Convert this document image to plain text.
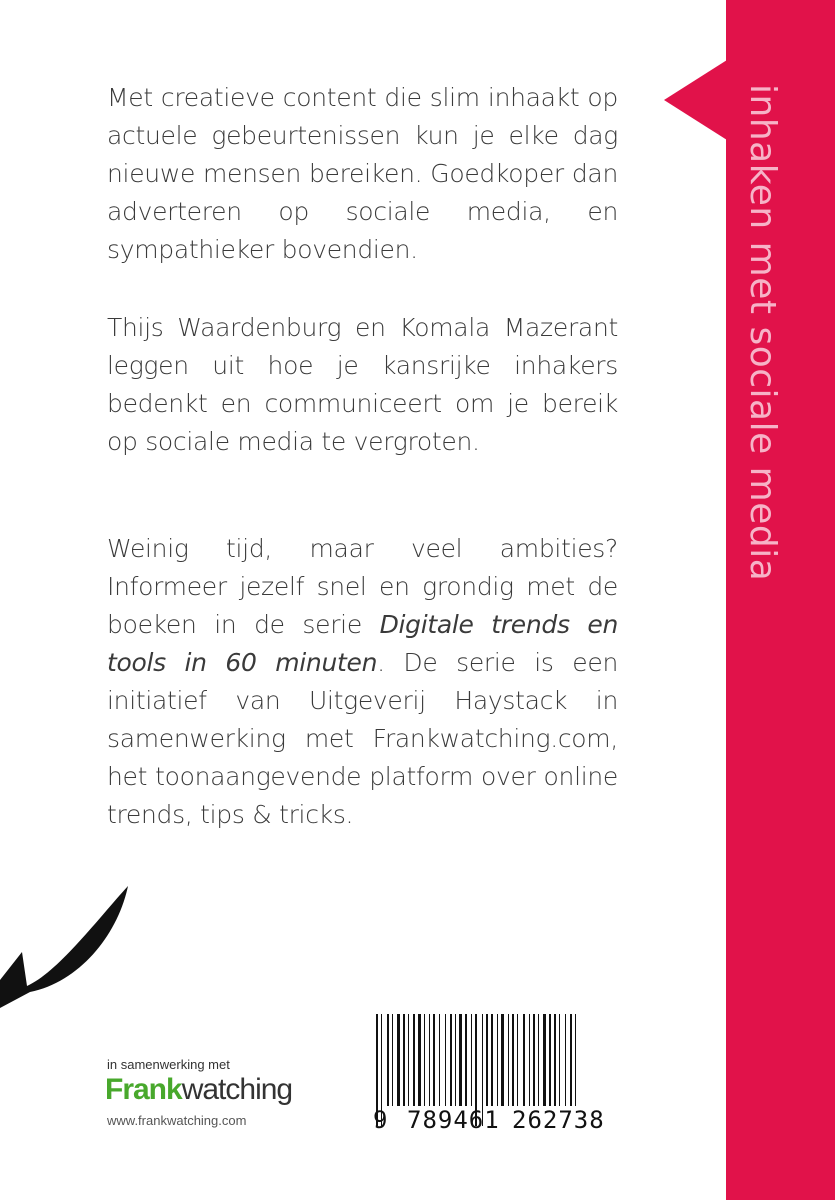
inhaken met sociale media

Met creatieve content die slim inhaakt op actuele gebeurtenissen kun je elke dag nieuwe mensen bereiken. Goedkoper dan adverteren op sociale media, en sympathieker bovendien.

Thijs Waardenburg en Komala Mazerant leggen uit hoe je kansrijke inhakers bedenkt en communiceert om je bereik op sociale media te vergroten.

Weinig tijd, maar veel ambities? Informeer jezelf snel en grondig met de boeken in de serie Digitale trends en tools in 60 minuten. De serie is een initiatief van Uitgeverij Haystack in samenwerking met Frankwatching.com, het toonaangevende platform over online trends, tips & tricks.

in samenwerking met
Frankwatching
www.frankwatching.com	9 789461 262738
